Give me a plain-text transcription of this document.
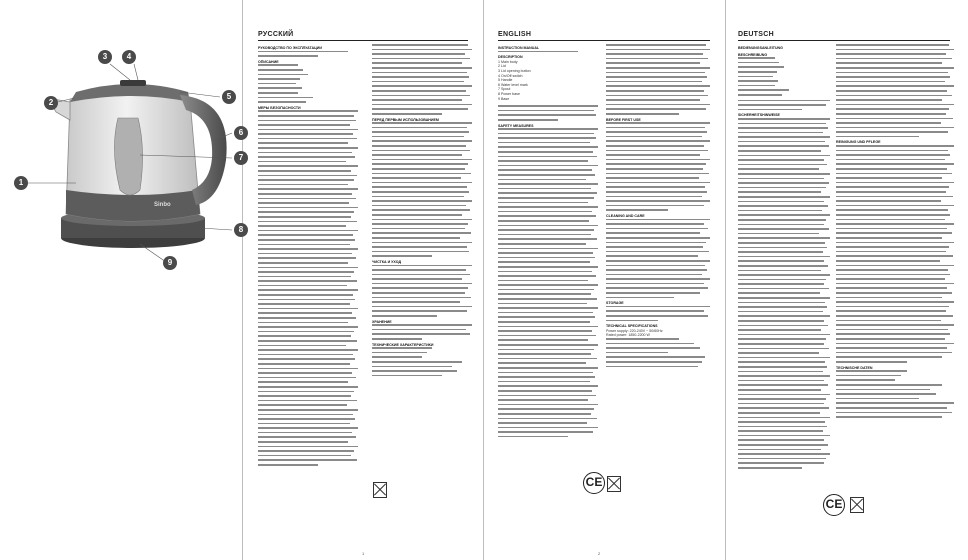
Sinbo
1
2
3	4
5
6
7
8
9
РУССКИЙ

РУКОВОДСТВО ПО ЭКСПЛУАТАЦИИ

ОПИСАНИЕ

МЕРЫ БЕЗОПАСНОСТИ

ПЕРЕД ПЕРВЫМ ИСПОЛЬЗОВАНИЕМ

ЧИСТКА И УХОД

ХРАНЕНИЕ

ТЕХНИЧЕСКИЕ ХАРАКТЕРИСТИКИ

ENGLISH

INSTRUCTION MANUAL

DESCRIPTION

1 Main body

2 Lid

3 Lid opening button

4 On/Off switch

5 Handle

6 Water level mark

7 Spout

8 Power base

9 Base

SAFETY MEASURES

BEFORE FIRST USE

CLEANING AND CARE

STORAGE

TECHNICAL SPECIFICATIONS

Power supply: 220-240V ~ 50/60Hz

Rated power: 1850-2200 W

CE
DEUTSCH

BEDIENUNGSANLEITUNG

BESCHREIBUNG

SICHERHEITSHINWEISE

REINIGUNG UND PFLEGE

TECHNISCHE DATEN

CE
1	2
